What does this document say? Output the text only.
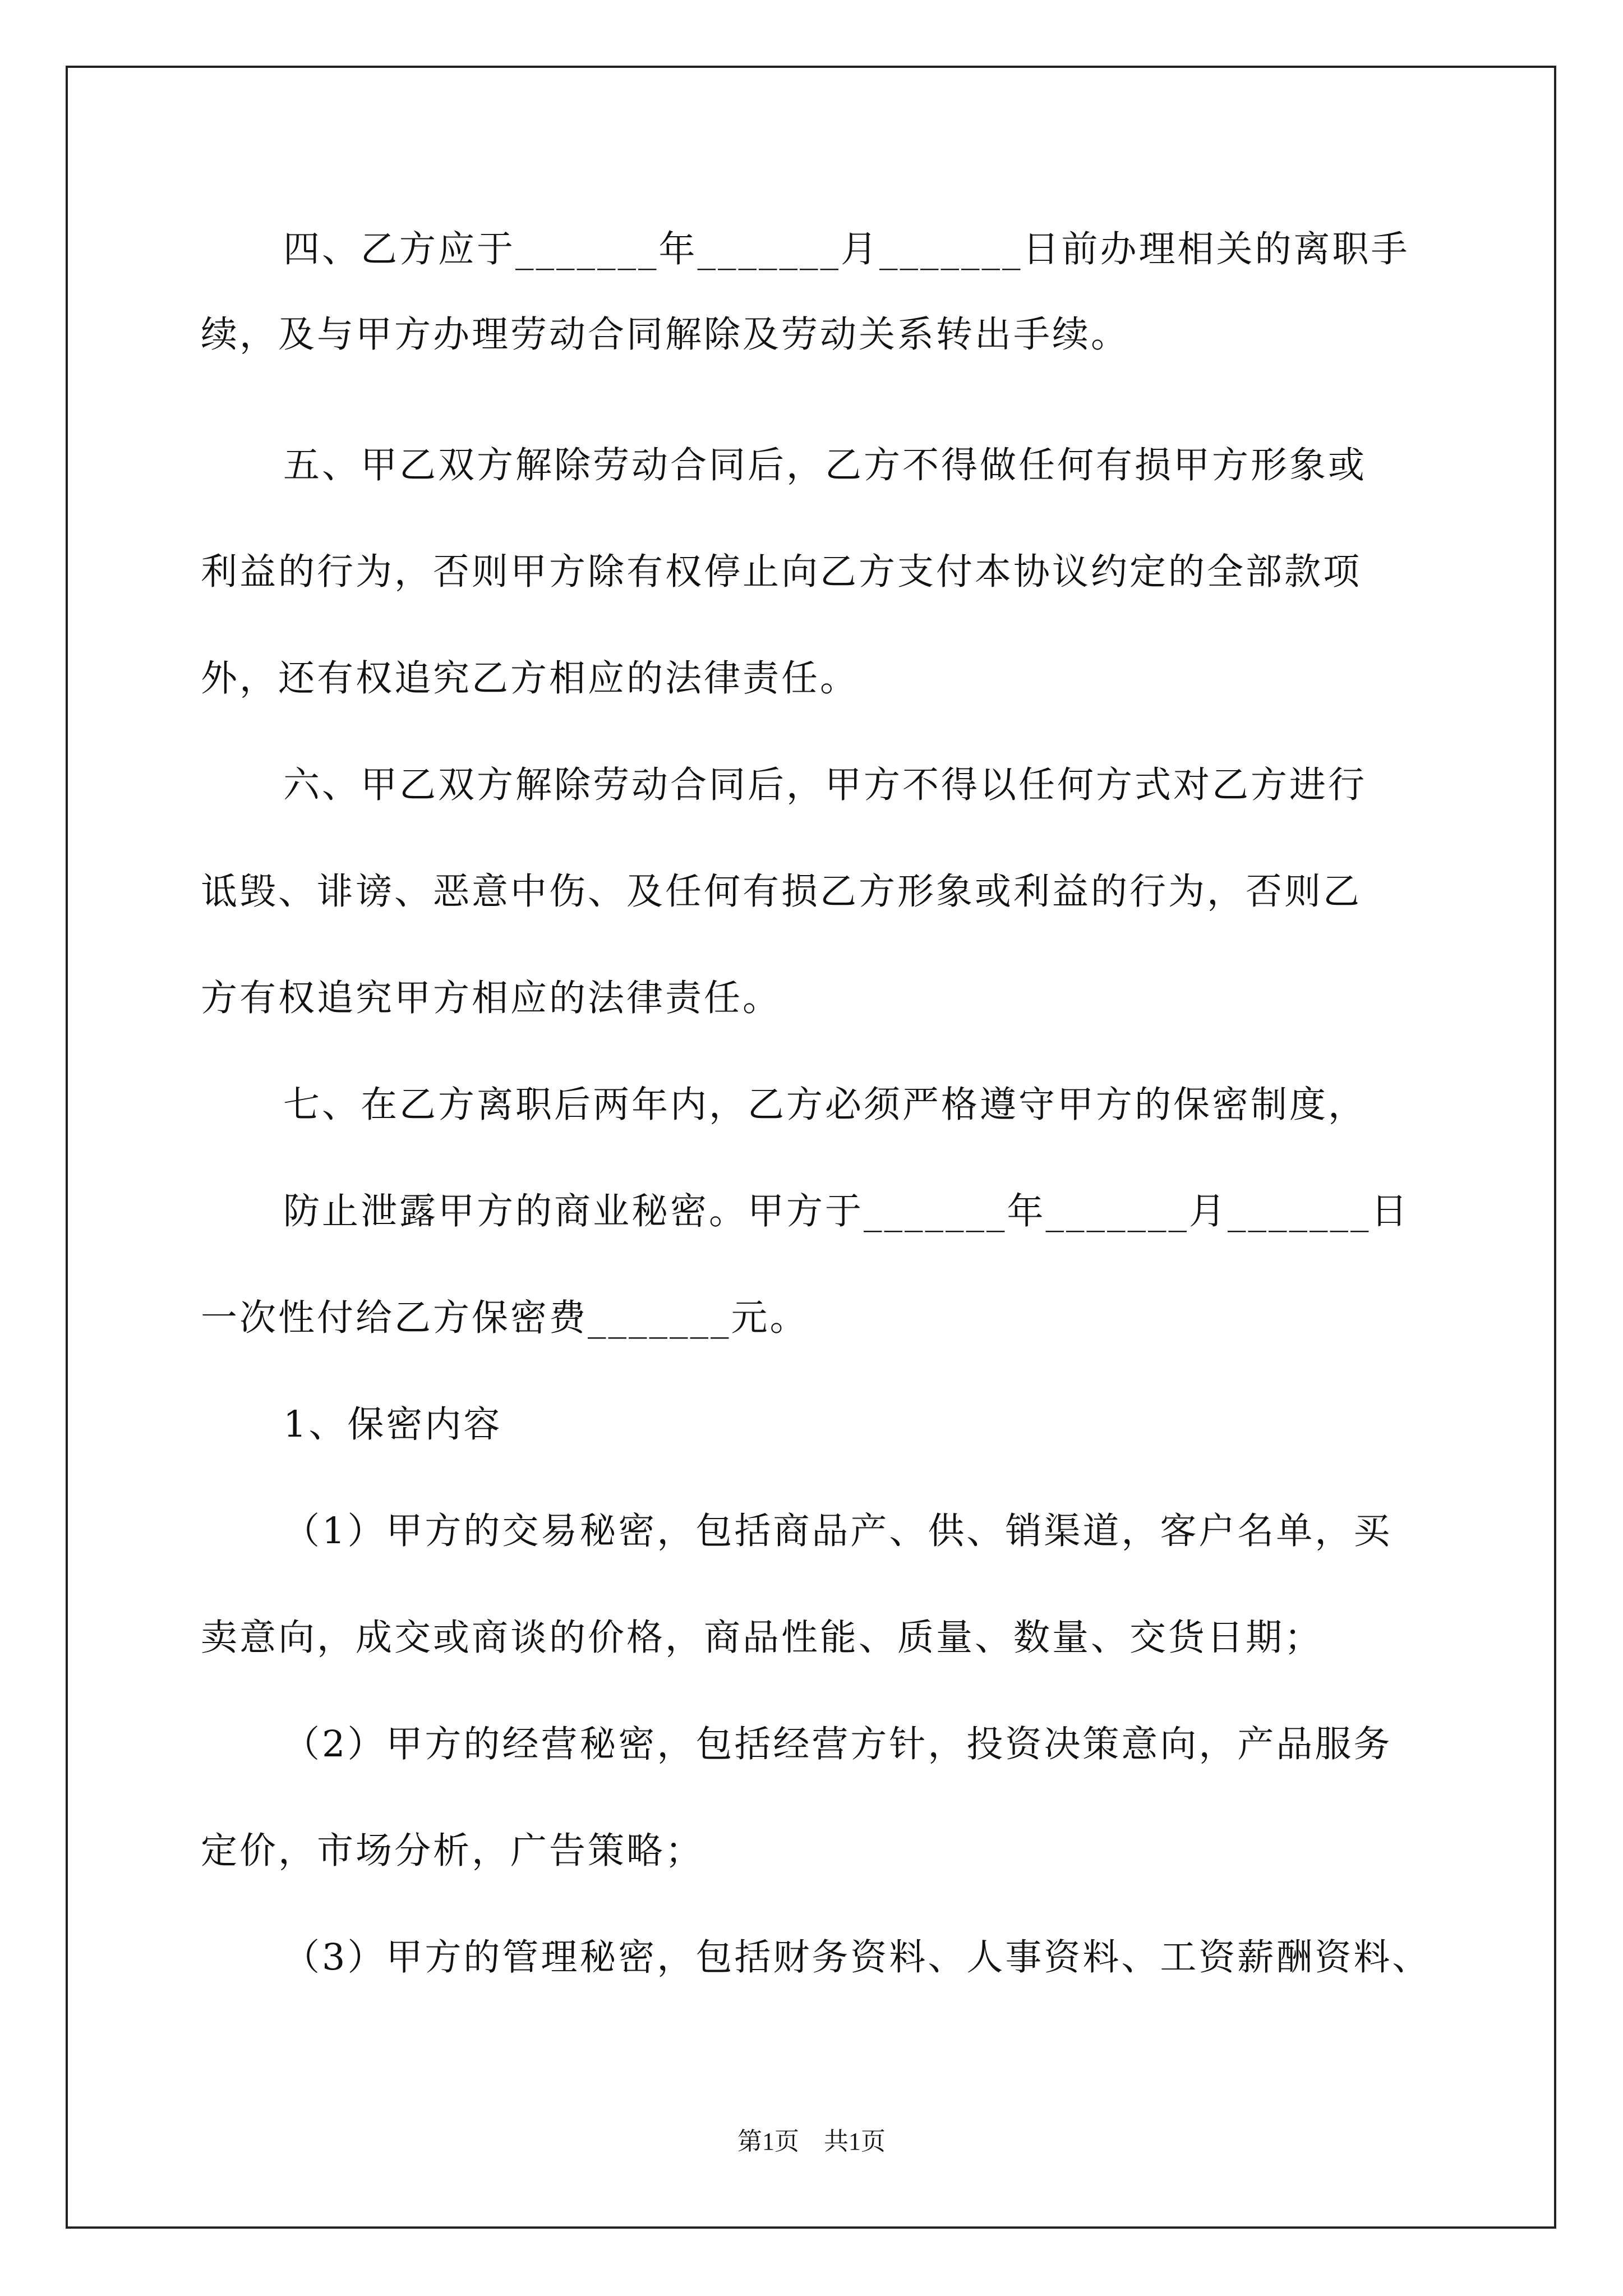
四、乙方应于_______年_______月_______日前办理相关的离职手
续，及与甲方办理劳动合同解除及劳动关系转出手续。
五、甲乙双方解除劳动合同后，乙方不得做任何有损甲方形象或
利益的行为，否则甲方除有权停止向乙方支付本协议约定的全部款项
外，还有权追究乙方相应的法律责任。
六、甲乙双方解除劳动合同后，甲方不得以任何方式对乙方进行
诋毁、诽谤、恶意中伤、及任何有损乙方形象或利益的行为，否则乙
方有权追究甲方相应的法律责任。
七、在乙方离职后两年内，乙方必须严格遵守甲方的保密制度，
防止泄露甲方的商业秘密。甲方于_______年_______月_______日
一次性付给乙方保密费_______元。
1、保密内容
（1）甲方的交易秘密，包括商品产、供、销渠道，客户名单，买
卖意向，成交或商谈的价格，商品性能、质量、数量、交货日期；
（2）甲方的经营秘密，包括经营方针，投资决策意向，产品服务
定价，市场分析，广告策略；
（3）甲方的管理秘密，包括财务资料、人事资料、工资薪酬资料、
第1页　共1页
